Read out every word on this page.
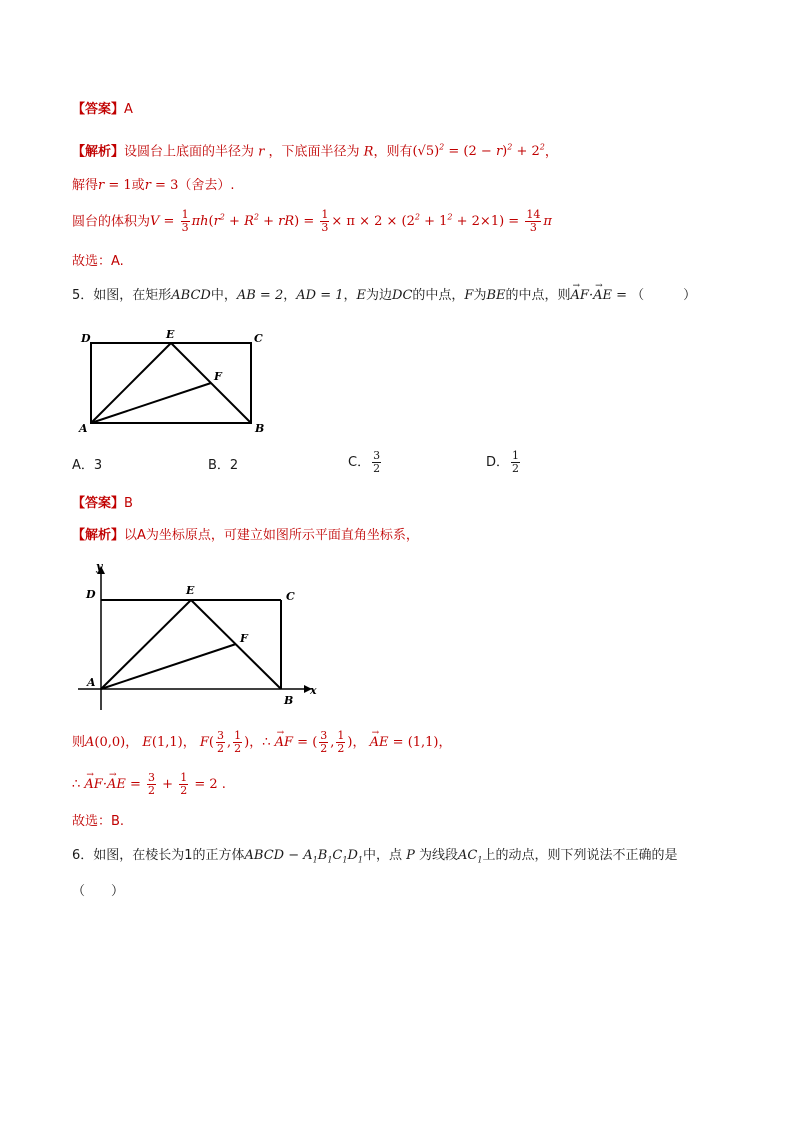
【答案】A
【解析】设圆台上底面的半径为 r ，下底面半径为 R，则有$(√5)^2 = (2 - r)^2 + 2^2$，
解得r = 1或r = 3（舍去）.
圆台的体积为$V = \frac{1}{3} \pi h(r^2 + R^2 + rR) = \frac{1}{3} \times \pi \times 2 \times (2^2 + 1^2 + 2\times 1) = \frac{14}{3}$ π
故选：A.
5．如图，在矩形ABCD中，AB = 2，AD = 1，E为边DC的中点，F为BE的中点，则→ AF·→ AE = （　　　）
D	E	C
F
A	B
A．3	B．2	C． $\frac{3}{2}$	D． $\frac{1}{2}$
【答案】B
【解析】以A为坐标原点，可建立如图所示平面直角坐标系，
y
D	E	C
F
A
B
x
则A(0,0)， E(1,1)， $F( \frac{3}{2}$ , $\frac{1}{2}$ )，∴ → AF = ( $\frac{3}{2}$ , $\frac{1}{2}$ )， → AE = (1,1)，
∴ → AF·→ AE = $\frac{3}{2} + \frac{1}{2} = 2$ .
故选：B.
6．如图，在棱长为1的正方体ABCD − $A_1B_1C_1D_1$中，点 P 为线段$AC_1$上的动点，则下列说法不正确的是
（　　）
